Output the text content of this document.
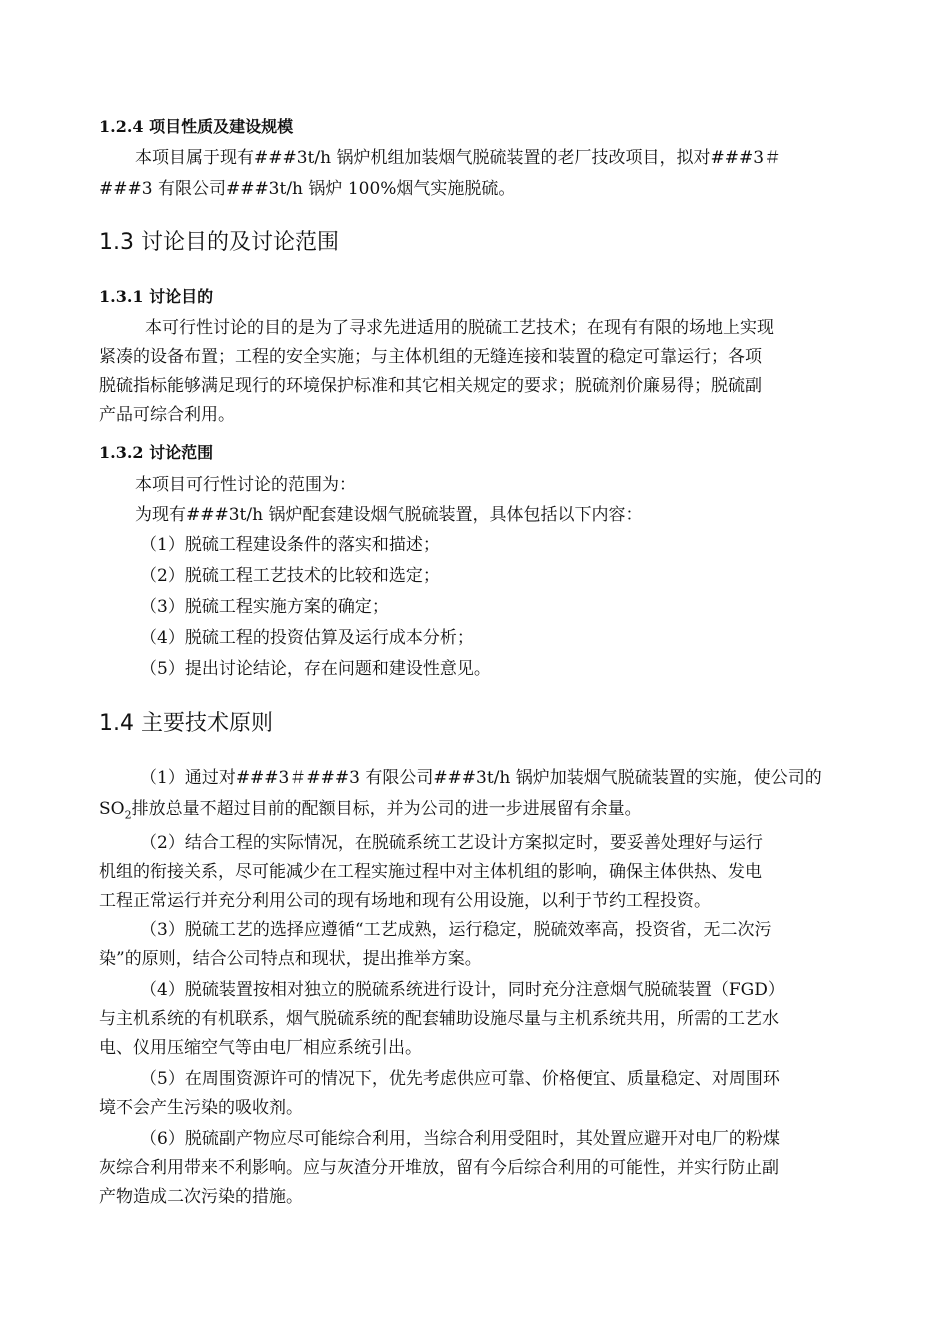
1.2.4 项目性质及建设规模
本项目属于现有###3t/h 锅炉机组加装烟气脱硫装置的老厂技改项目，拟对###3＃
###3 有限公司###3t/h 锅炉 100%烟气实施脱硫。
1.3 讨论目的及讨论范围
1.3.1 讨论目的
本可行性讨论的目的是为了寻求先进适用的脱硫工艺技术；在现有有限的场地上实现
紧凑的设备布置；工程的安全实施；与主体机组的无缝连接和装置的稳定可靠运行；各项
脱硫指标能够满足现行的环境保护标准和其它相关规定的要求；脱硫剂价廉易得；脱硫副
产品可综合利用。
1.3.2 讨论范围
本项目可行性讨论的范围为：
为现有###3t/h 锅炉配套建设烟气脱硫装置，具体包括以下内容：
（1）脱硫工程建设条件的落实和描述；
（2）脱硫工程工艺技术的比较和选定；
（3）脱硫工程实施方案的确定；
（4）脱硫工程的投资估算及运行成本分析；
（5）提出讨论结论，存在问题和建设性意见。
1.4 主要技术原则
（1）通过对###3＃###3 有限公司###3t/h 锅炉加装烟气脱硫装置的实施，使公司的
$SO_2$排放总量不超过目前的配额目标，并为公司的进一步进展留有余量。
（2）结合工程的实际情况，在脱硫系统工艺设计方案拟定时，要妥善处理好与运行
机组的衔接关系，尽可能减少在工程实施过程中对主体机组的影响，确保主体供热、发电
工程正常运行并充分利用公司的现有场地和现有公用设施，以利于节约工程投资。
（3）脱硫工艺的选择应遵循“工艺成熟，运行稳定，脱硫效率高，投资省，无二次污
染”的原则，结合公司特点和现状，提出推举方案。
（4）脱硫装置按相对独立的脱硫系统进行设计，同时充分注意烟气脱硫装置（FGD）
与主机系统的有机联系，烟气脱硫系统的配套辅助设施尽量与主机系统共用，所需的工艺水
电、仪用压缩空气等由电厂相应系统引出。
（5）在周围资源许可的情况下，优先考虑供应可靠、价格便宜、质量稳定、对周围环
境不会产生污染的吸收剂。
（6）脱硫副产物应尽可能综合利用，当综合利用受阻时，其处置应避开对电厂的粉煤
灰综合利用带来不利影响。应与灰渣分开堆放，留有今后综合利用的可能性，并实行防止副
产物造成二次污染的措施。
